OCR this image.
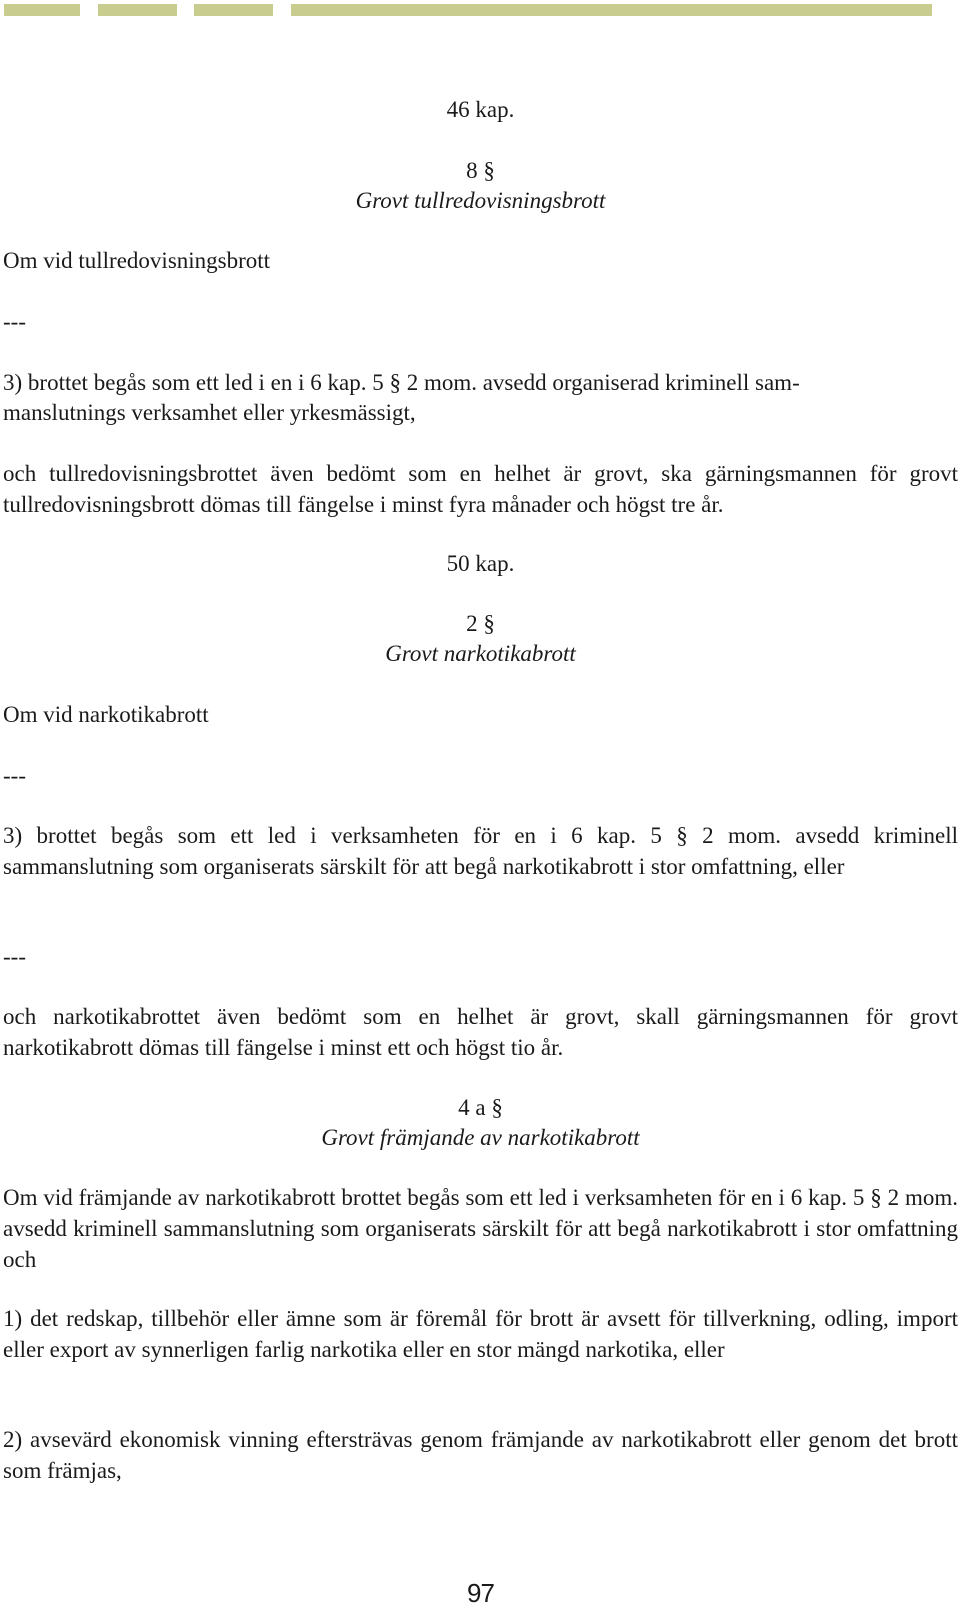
46 kap.

8 §

Grovt tullredovisningsbrott

Om vid tullredovisningsbrott

---

3) brottet begås som ett led i en i 6 kap. 5 § 2 mom. avsedd organiserad kriminell sam-

manslutnings verksamhet eller yrkesmässigt,

och tullredovisningsbrottet även bedömt som en helhet är grovt, ska gärningsmannen för grovt tullredovisningsbrott dömas till fängelse i minst fyra månader och högst tre år.

50 kap.

2 §

Grovt narkotikabrott

Om vid narkotikabrott

---

3) brottet begås som ett led i verksamheten för en i 6 kap. 5 § 2 mom. avsedd kriminell sammanslutning som organiserats särskilt för att begå narkotikabrott i stor omfattning, eller

---

och narkotikabrottet även bedömt som en helhet är grovt, skall gärningsmannen för grovt narkotikabrott dömas till fängelse i minst ett och högst tio år.

4 a §

Grovt främjande av narkotikabrott

Om vid främjande av narkotikabrott brottet begås som ett led i verksamheten för en i 6 kap. 5 § 2 mom. avsedd kriminell sammanslutning som organiserats särskilt för att begå narkotikabrott i stor omfattning och

1) det redskap, tillbehör eller ämne som är föremål för brott är avsett för tillverkning, odling, import eller export av synnerligen farlig narkotika eller en stor mängd narkotika, eller

2) avsevärd ekonomisk vinning eftersträvas genom främjande av narkotikabrott eller genom det brott som främjas,

97
